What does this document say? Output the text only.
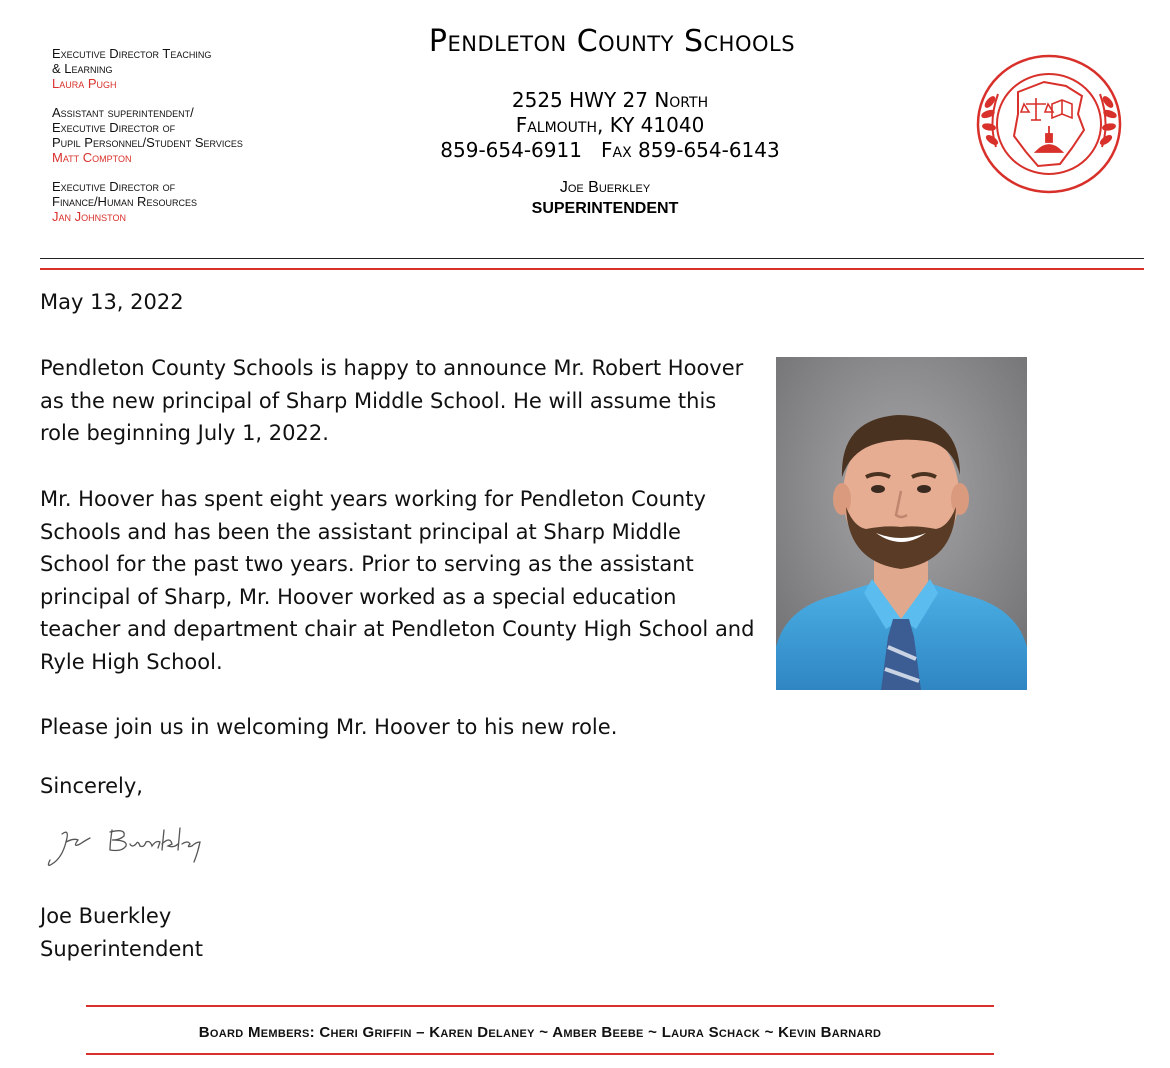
Executive Director Teaching
& Learning
Laura Pugh
Assistant superintendent/
Executive Director of
Pupil Personnel/Student Services
Matt Compton
Executive Director of
Finance/Human Resources
Jan Johnston
Pendleton County Schools
2525 HWY 27 North
Falmouth, KY 41040
859-654-6911   Fax 859-654-6143
Joe Buerkley
SUPERINTENDENT
May 13, 2022

Pendleton County Schools is happy to announce Mr. Robert Hoover as the new principal of Sharp Middle School. He will assume this role beginning July 1, 2022.

Mr. Hoover has spent eight years working for Pendleton County Schools and has been the assistant principal at Sharp Middle School for the past two years. Prior to serving as the assistant principal of Sharp, Mr. Hoover worked as a special education teacher and department chair at Pendleton County High School and Ryle High School.

Please join us in welcoming Mr. Hoover to his new role.

Sincerely,
Joe Buerkley
Superintendent
Board Members: Cheri Griffin – Karen Delaney ~ Amber Beebe ~ Laura Schack ~ Kevin Barnard
